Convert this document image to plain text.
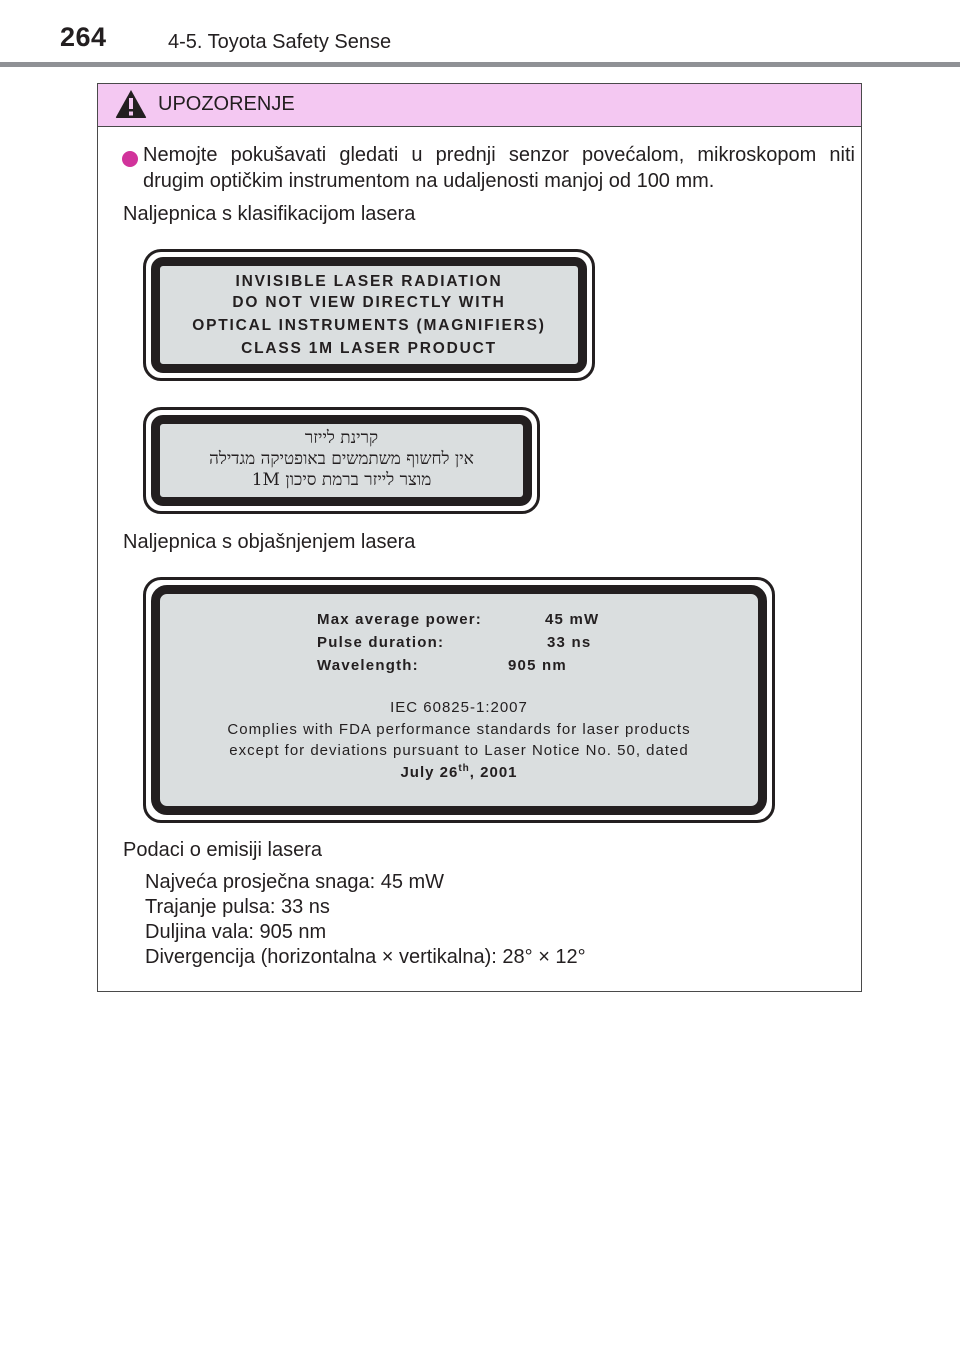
264	4-5. Toyota Safety Sense
UPOZORENJE
Nemojte pokušavati gledati u prednji senzor povećalom, mikroskopom niti drugim optičkim instrumentom na udaljenosti manjoj od 100 mm.
Naljepnica s klasifikacijom lasera
INVISIBLE LASER RADIATION
DO NOT VIEW DIRECTLY WITH
OPTICAL INSTRUMENTS (MAGNIFIERS)
CLASS 1M LASER PRODUCT
קרינת לייזר
אין לחשוף משתמשים באופטיקה מגדילה
מוצר לייזר ברמת סיכון 1M
Naljepnica s objašnjenjem lasera
Max average power:	45 mW
Pulse duration:	33 ns
Wavelength:	905 nm
IEC 60825-1:2007
Complies with FDA performance standards for laser products
except for deviations pursuant to Laser Notice No. 50, dated
July 26th, 2001
Podaci o emisiji lasera
Najveća prosječna snaga: 45 mW
Trajanje pulsa: 33 ns
Duljina vala: 905 nm
Divergencija (horizontalna × vertikalna): 28° × 12°
